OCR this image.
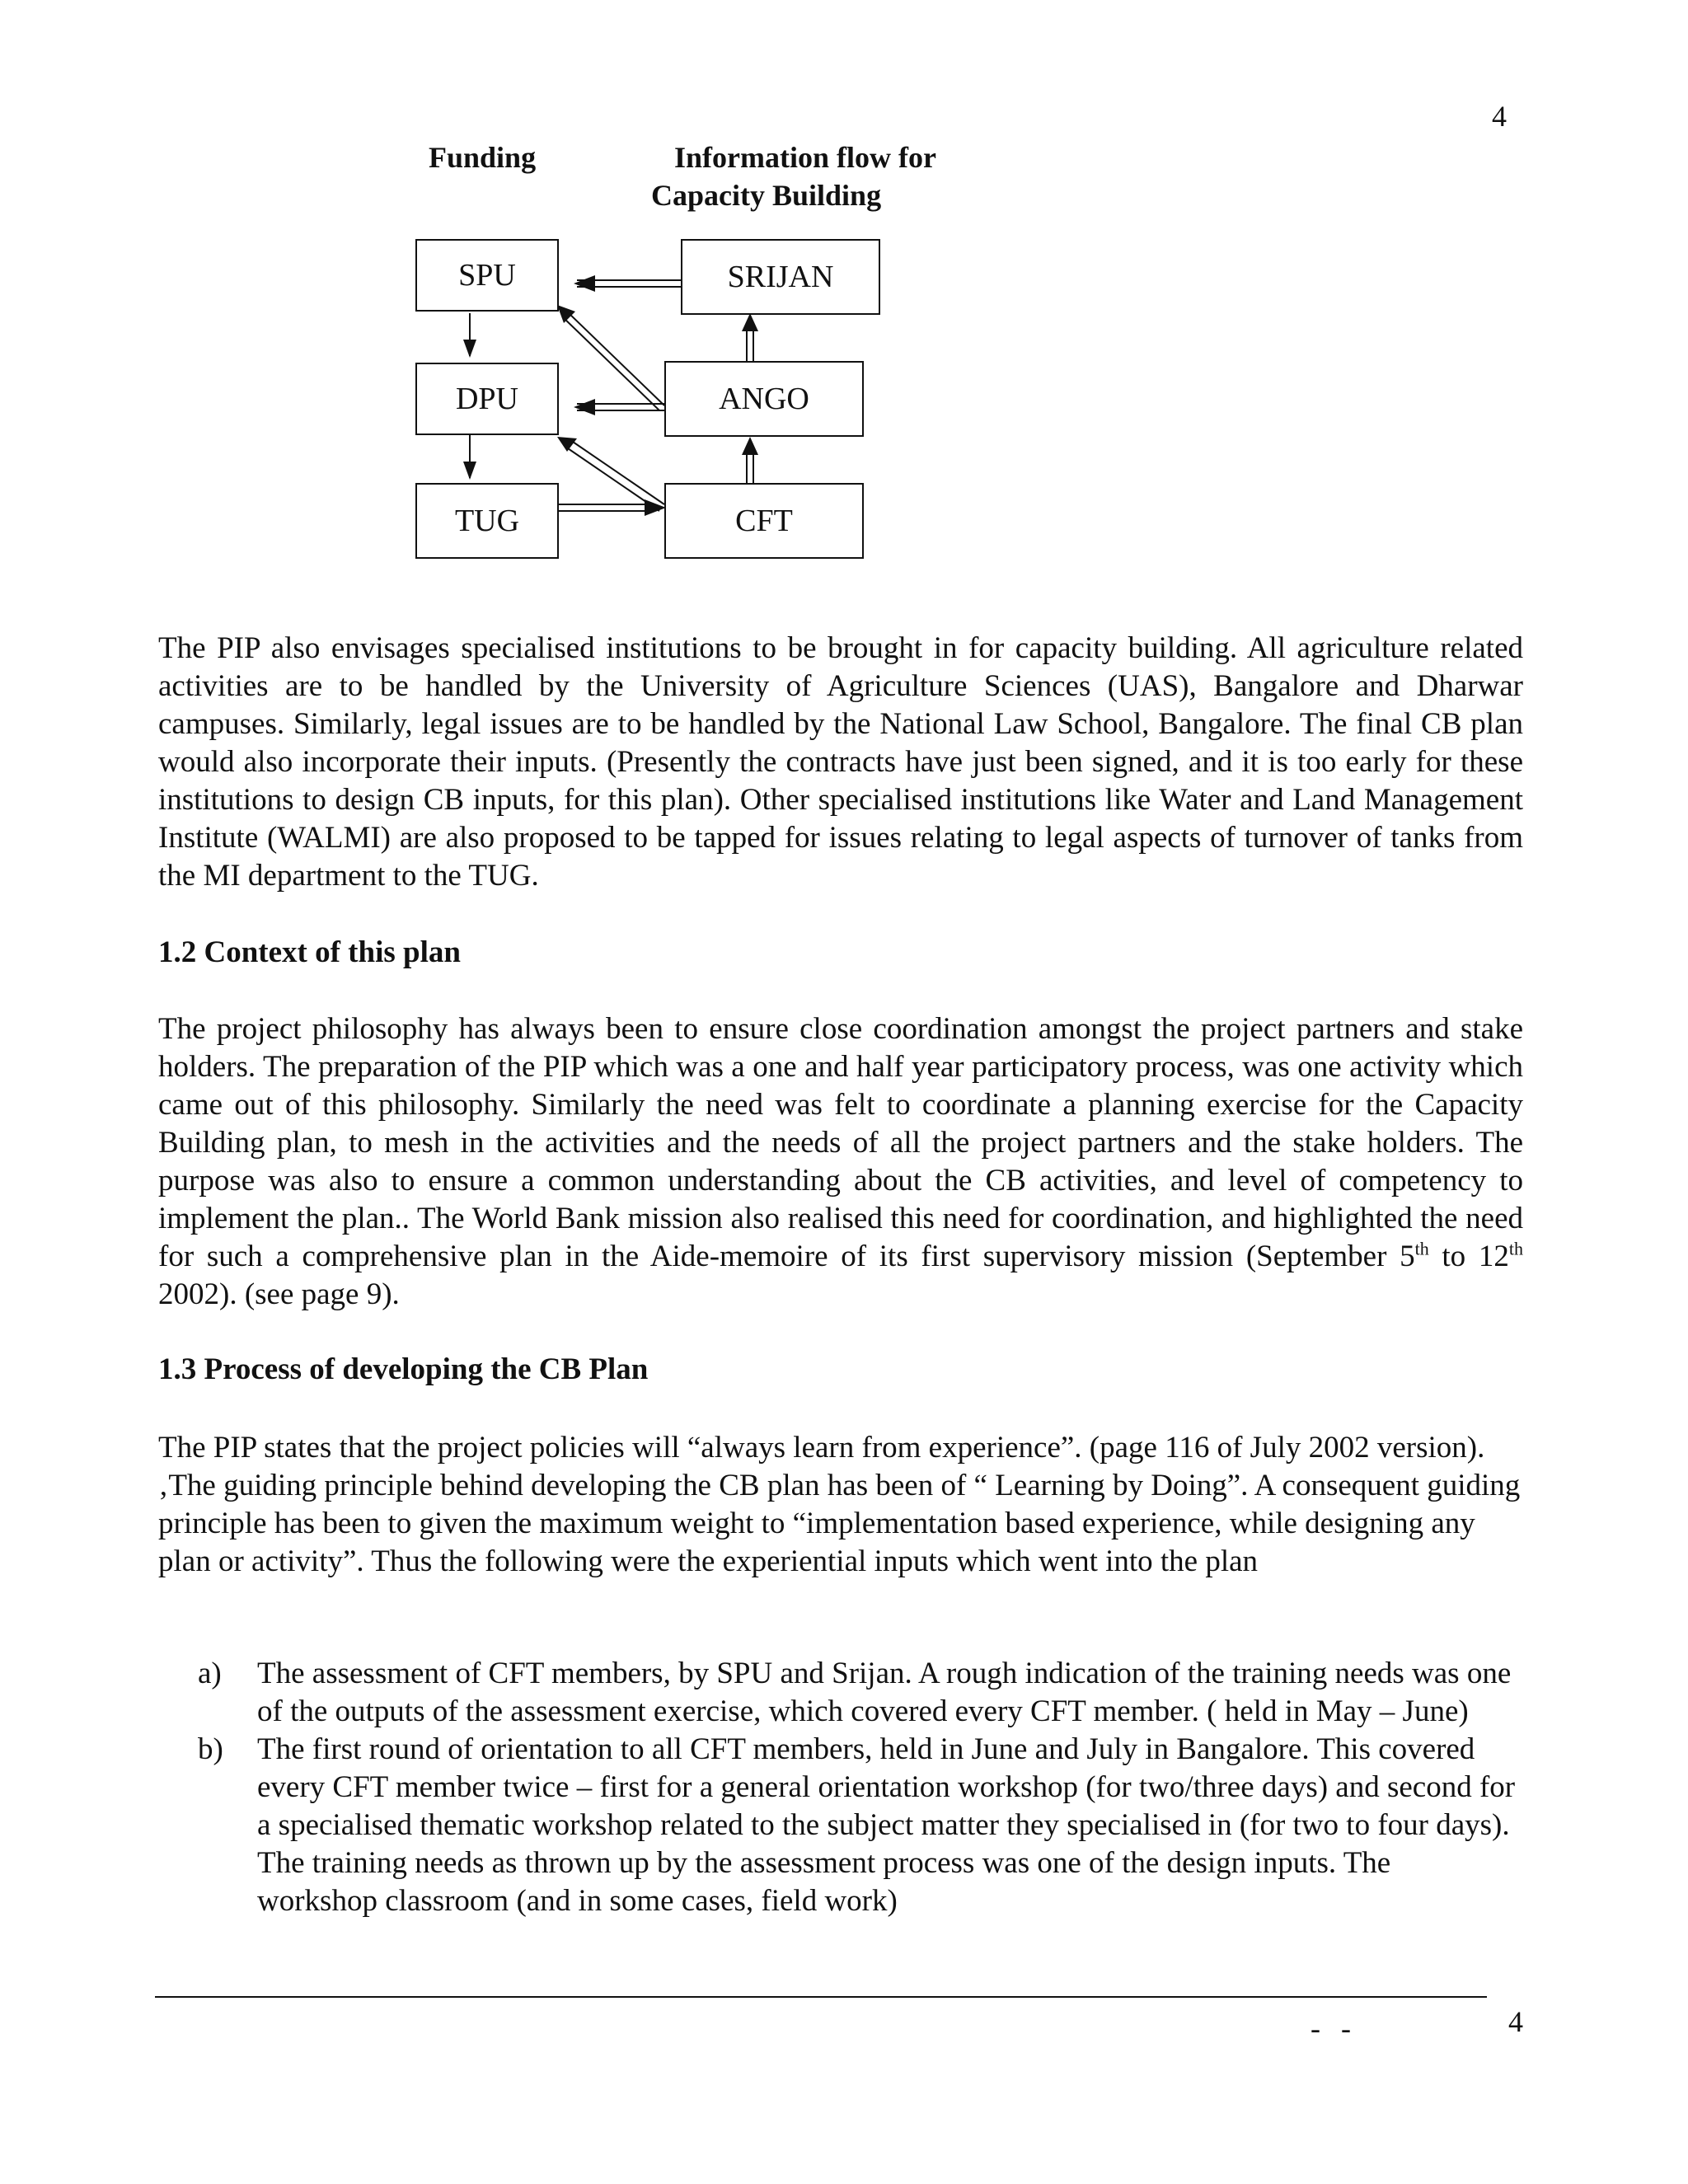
4
Funding	Information flow for
Capacity Building
SPU
DPU
TUG
SRIJAN
ANGO
CFT

The PIP also envisages specialised institutions to be brought in for capacity building. All agriculture related activities are to be handled by the University of Agriculture Sciences (UAS), Bangalore and Dharwar campuses. Similarly, legal issues are to be handled by the National Law School, Bangalore. The final CB plan would also incorporate their inputs. (Presently the contracts have just been signed, and it is too early for these institutions to design CB inputs, for this plan). Other specialised institutions like Water and Land Management Institute (WALMI) are also proposed to be tapped for issues relating to legal aspects of turnover of tanks from the MI department to the TUG.

1.2 Context of this plan

The project philosophy has always been to ensure close coordination amongst the project partners and stake holders. The preparation of the PIP which was a one and half year participatory process, was one activity which came out of this philosophy. Similarly the need was felt to coordinate a planning exercise for the Capacity Building plan, to mesh in the activities and the needs of all the project partners and the stake holders. The purpose was also to ensure a common understanding about the CB activities, and level of competency to implement the plan.. The World Bank mission also realised this need for coordination, and highlighted the need for such a comprehensive plan in the Aide-memoire of its first supervisory mission (September 5th to 12th 2002). (see page 9).

1.3 Process of developing the CB Plan

The PIP states that the project policies will “always learn from experience”. (page 116 of July 2002 version). ‚The guiding principle behind developing the CB plan has been of “ Learning by Doing”. A consequent guiding principle has been to given the maximum weight to “implementation based experience, while designing any plan or activity”. Thus the following were the experiential inputs which went into the plan

a) The assessment of CFT members, by SPU and Srijan. A rough indication of the training needs was one of the outputs of the assessment exercise, which covered every CFT member. ( held in May – June)
b) The first round of orientation to all CFT members, held in June and July in Bangalore. This covered every CFT member twice – first for a general orientation workshop (for two/three days) and second for a specialised thematic workshop related to the subject matter they specialised in (for two to four days). The training needs as thrown up by the assessment process was one of the design inputs. The workshop classroom (and in some cases, field work)
- -	4
